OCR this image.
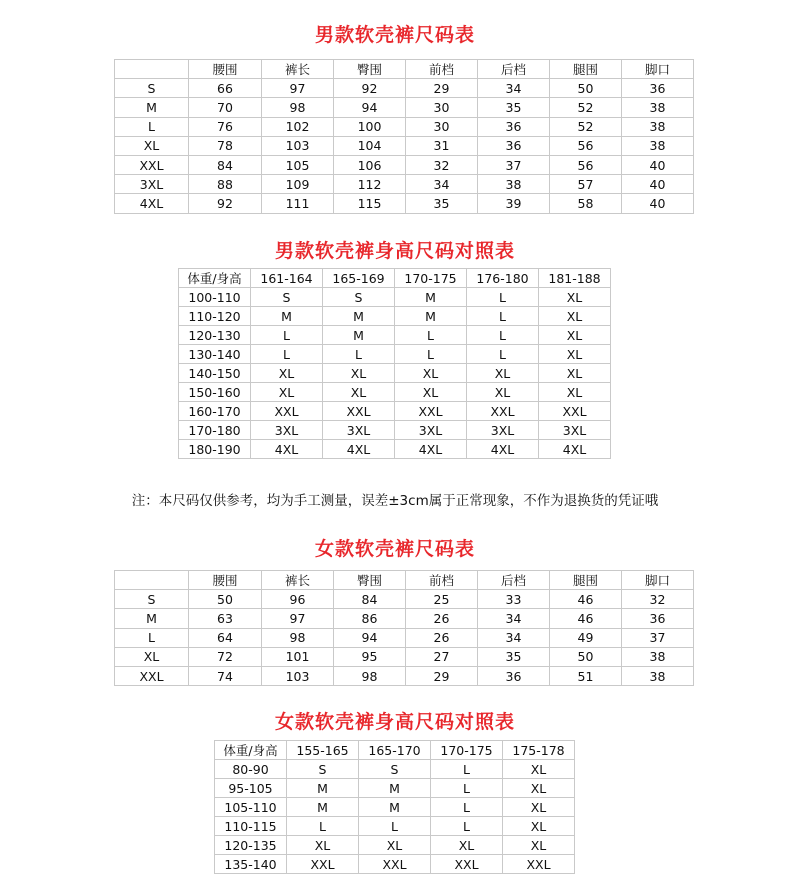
男款软壳裤尺码表
	腰围	裤长	臀围	前档	后档	腿围	脚口
S	66	97	92	29	34	50	36
M	70	98	94	30	35	52	38
L	76	102	100	30	36	52	38
XL	78	103	104	31	36	56	38
XXL	84	105	106	32	37	56	40
3XL	88	109	112	34	38	57	40
4XL	92	111	115	35	39	58	40
男款软壳裤身高尺码对照表
体重/身高	161-164	165-169	170-175	176-180	181-188
100-110	S	S	M	L	XL
110-120	M	M	M	L	XL
120-130	L	M	L	L	XL
130-140	L	L	L	L	XL
140-150	XL	XL	XL	XL	XL
150-160	XL	XL	XL	XL	XL
160-170	XXL	XXL	XXL	XXL	XXL
170-180	3XL	3XL	3XL	3XL	3XL
180-190	4XL	4XL	4XL	4XL	4XL
注：本尺码仅供参考，均为手工测量，误差±3cm属于正常现象，不作为退换货的凭证哦
女款软壳裤尺码表
	腰围	裤长	臀围	前档	后档	腿围	脚口
S	50	96	84	25	33	46	32
M	63	97	86	26	34	46	36
L	64	98	94	26	34	49	37
XL	72	101	95	27	35	50	38
XXL	74	103	98	29	36	51	38
女款软壳裤身高尺码对照表
体重/身高	155-165	165-170	170-175	175-178
80-90	S	S	L	XL
95-105	M	M	L	XL
105-110	M	M	L	XL
110-115	L	L	L	XL
120-135	XL	XL	XL	XL
135-140	XXL	XXL	XXL	XXL
